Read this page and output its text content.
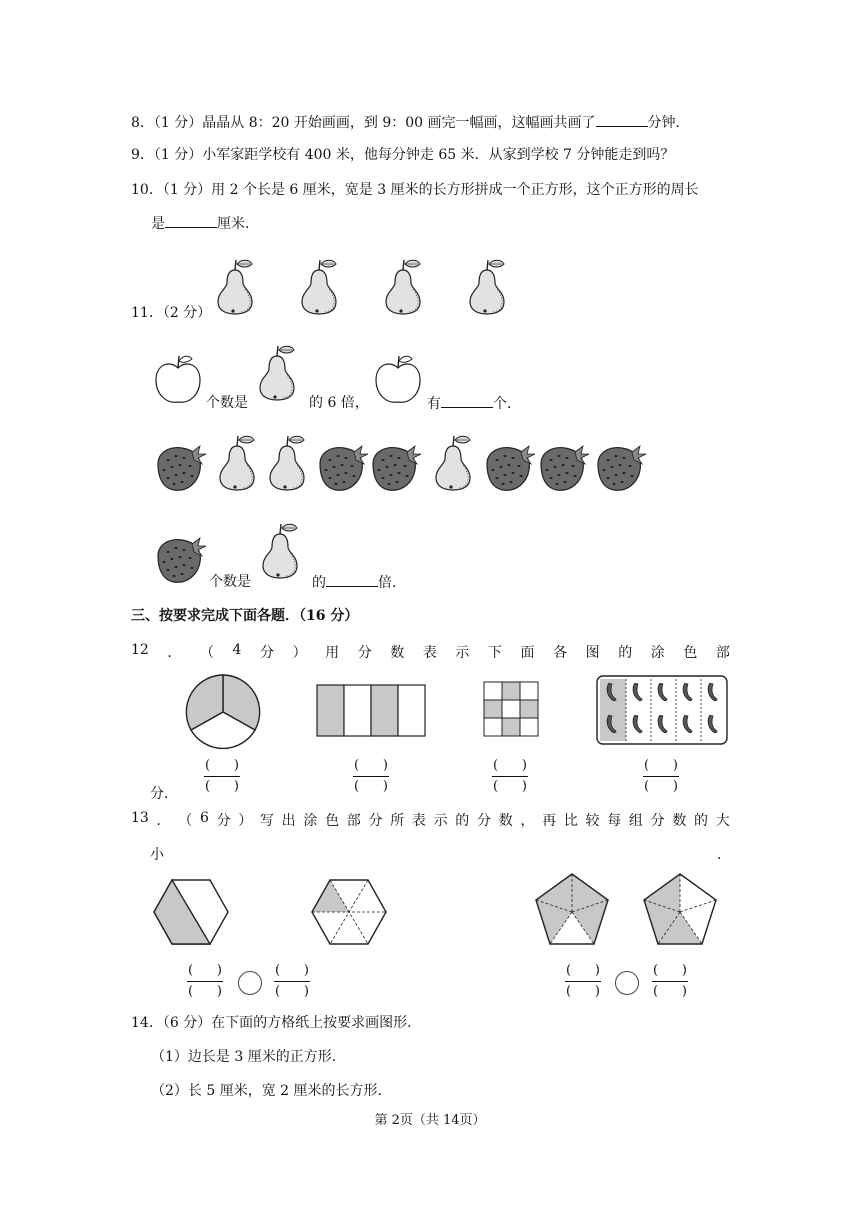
8．（1 分）晶晶从 8：20 开始画画，到 9：00 画完一幅画，这幅画共画了	分钟．
9．（1 分）小军家距学校有 400 米，他每分钟走 65 米．从家到学校 7 分钟能走到吗？
10．（1 分）用 2 个长是 6 厘米，宽是 3 厘米的长方形拼成一个正方形，这个正方形的周长
是	厘米．
11．（2 分）
个数是	的 6 倍，	有	个．
个数是	的	倍．
三、按要求完成下面各题．（16 分）
12 ． （ 4 分 ） 用 分 数 表 示 下 面 各 图 的 涂 色 部
分．
( )
( )
( )
( )
( )
( )
( )
( )
13 ． （ 6 分 ） 写 出 涂 色 部 分 所 表 示 的 分 数 ， 再 比 较 每 组 分 数 的 大
小	．
( )
( )
( )
( )
( )
( )
( )
( )
14．（6 分）在下面的方格纸上按要求画图形．
（1）边长是 3 厘米的正方形．
（2）长 5 厘米，宽 2 厘米的长方形．
第 2页（共 14页）
